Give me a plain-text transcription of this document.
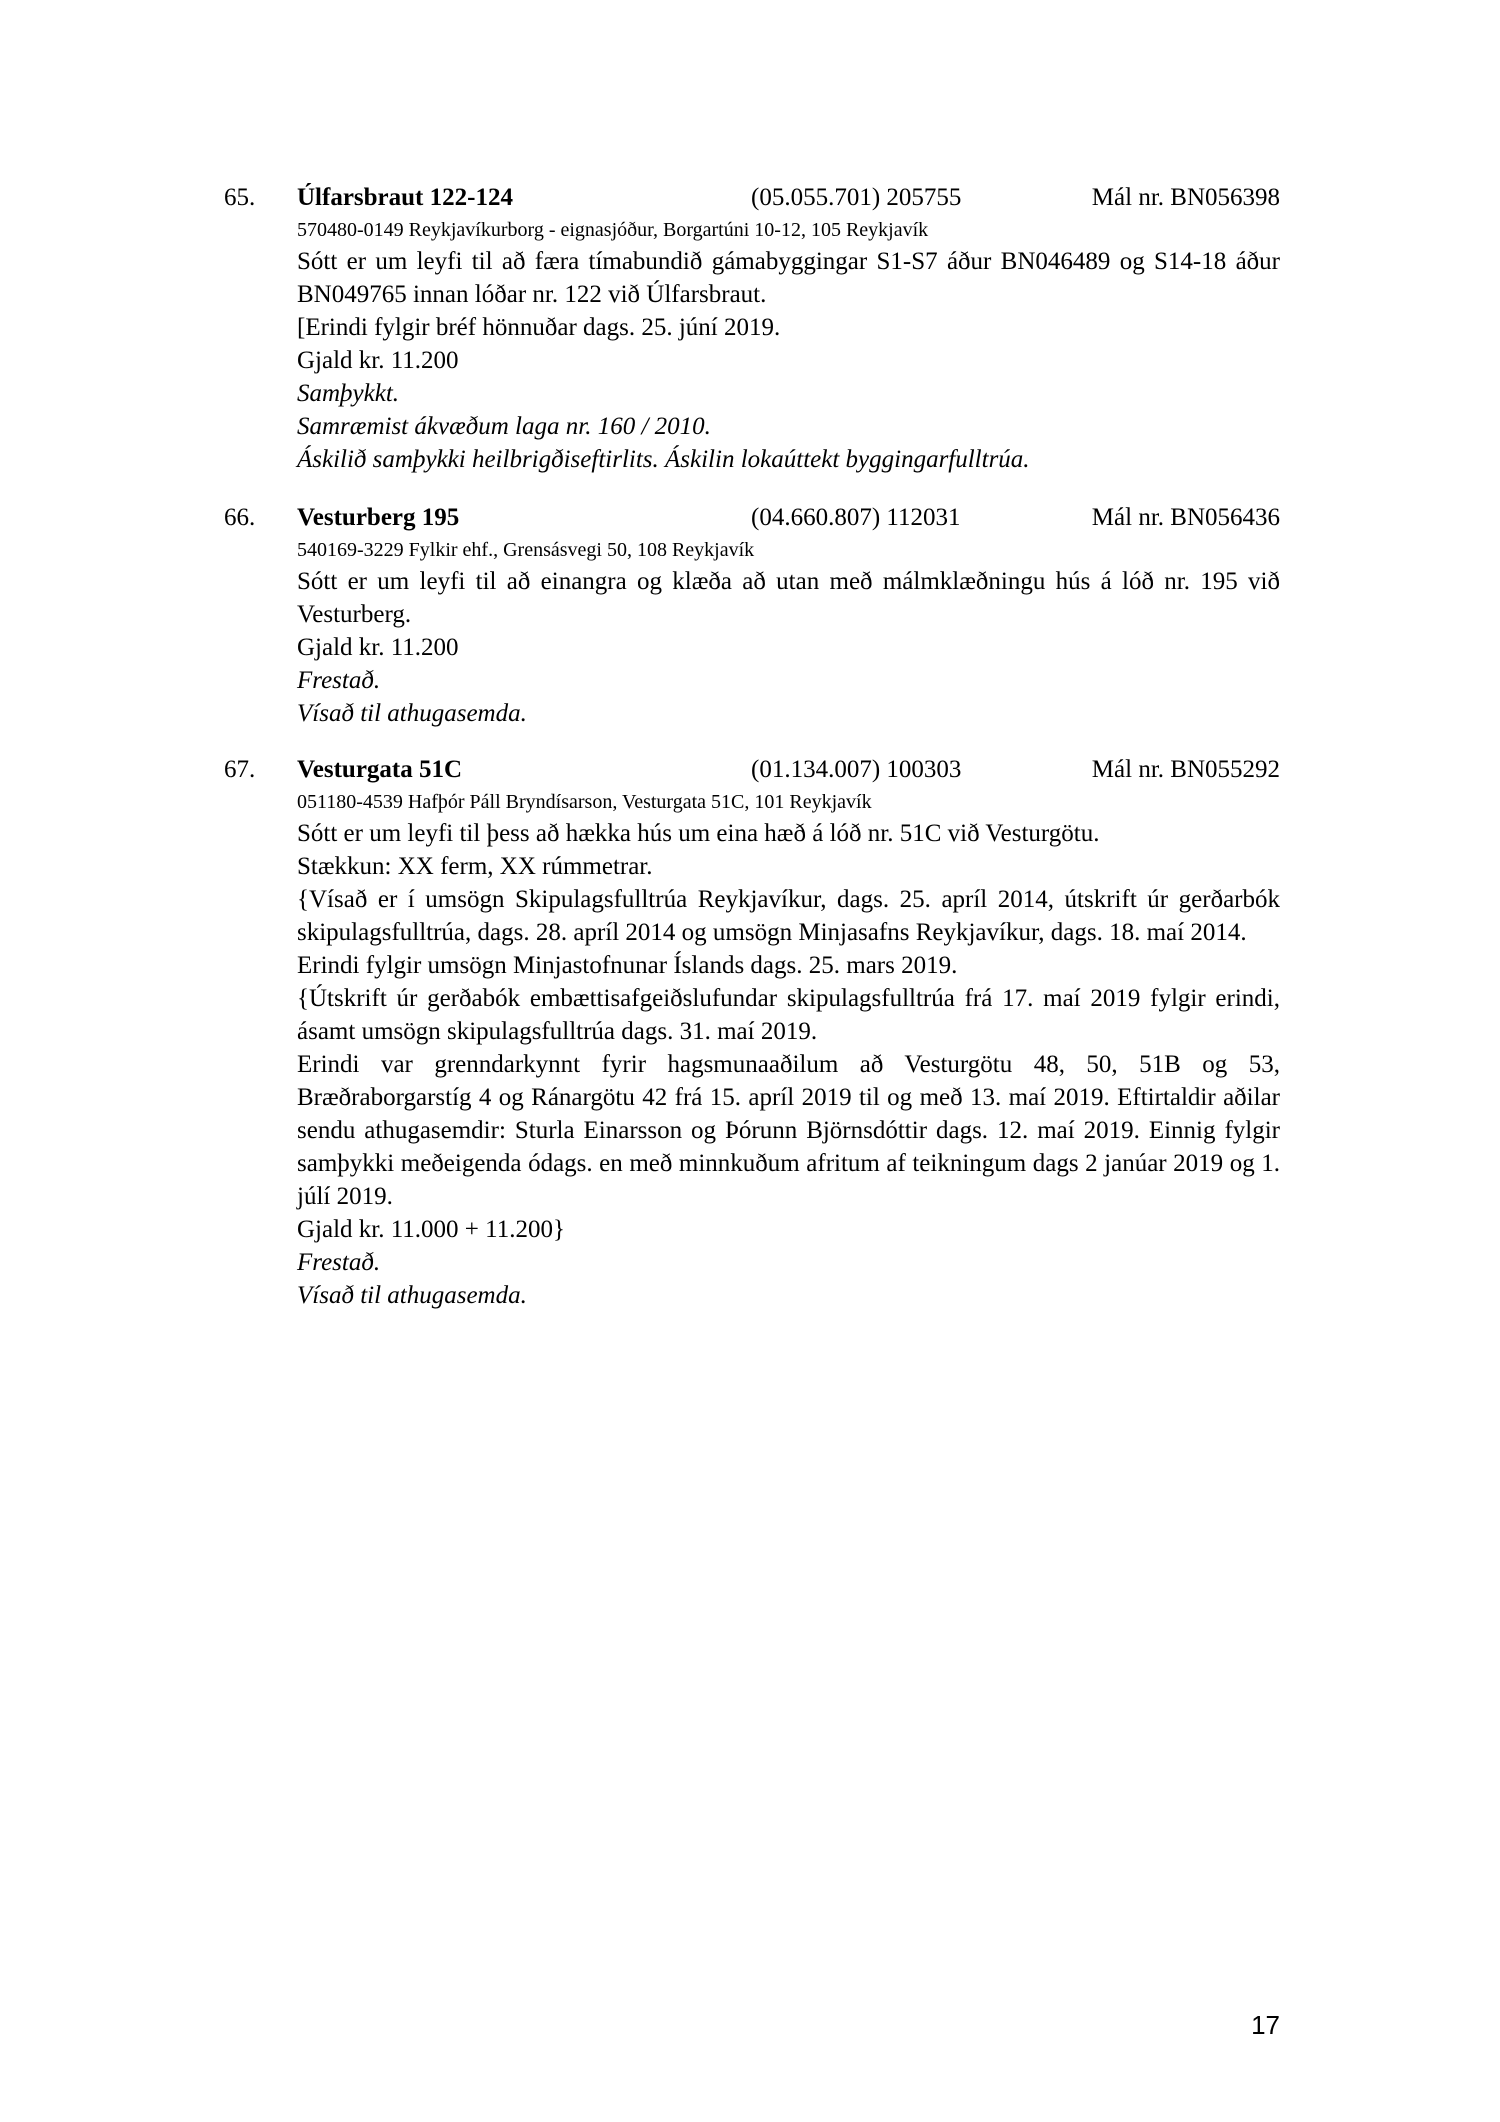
65. Úlfarsbraut 122-124	(05.055.701) 205755	Mál nr. BN056398
570480-0149 Reykjavíkurborg - eignasjóður, Borgartúni 10-12, 105 Reykjavík

Sótt er um leyfi til að færa tímabundið gámabyggingar S1-S7 áður BN046489 og S14-18 áður BN049765 innan lóðar nr. 122 við Úlfarsbraut.

[Erindi fylgir bréf hönnuðar dags. 25. júní 2019.

Gjald kr. 11.200

Samþykkt.

Samræmist ákvæðum laga nr. 160 / 2010.

Áskilið samþykki heilbrigðiseftirlits. Áskilin lokaúttekt byggingarfulltrúa.

66. Vesturberg 195	(04.660.807) 112031	Mál nr. BN056436
540169-3229 Fylkir ehf., Grensásvegi 50, 108 Reykjavík

Sótt er um leyfi til að einangra og klæða að utan með málmklæðningu hús á lóð nr. 195 við Vesturberg.

Gjald kr. 11.200

Frestað.

Vísað til athugasemda.

67. Vesturgata 51C	(01.134.007) 100303	Mál nr. BN055292
051180-4539 Hafþór Páll Bryndísarson, Vesturgata 51C, 101 Reykjavík

Sótt er um leyfi til þess að hækka hús um eina hæð á lóð nr. 51C við Vesturgötu.

Stækkun: XX ferm, XX rúmmetrar.

{Vísað er í umsögn Skipulagsfulltrúa Reykjavíkur, dags. 25. apríl 2014, útskrift úr gerðarbók skipulagsfulltrúa, dags. 28. apríl 2014 og umsögn Minjasafns Reykjavíkur, dags. 18. maí 2014.

Erindi fylgir umsögn Minjastofnunar Íslands dags. 25. mars 2019.

{Útskrift úr gerðabók embættisafgeiðslufundar skipulagsfulltrúa frá 17. maí 2019 fylgir erindi, ásamt umsögn skipulagsfulltrúa dags. 31. maí 2019.

Erindi var grenndarkynnt fyrir hagsmunaaðilum að Vesturgötu 48, 50, 51B og 53, Bræðraborgarstíg 4 og Ránargötu 42 frá 15. apríl 2019 til og með 13. maí 2019. Eftirtaldir aðilar sendu athugasemdir: Sturla Einarsson og Þórunn Björnsdóttir dags. 12. maí 2019. Einnig fylgir samþykki meðeigenda ódags. en með minnkuðum afritum af teikningum dags 2 janúar 2019 og 1. júlí 2019.

Gjald kr. 11.000 + 11.200}

Frestað.

Vísað til athugasemda.

17
